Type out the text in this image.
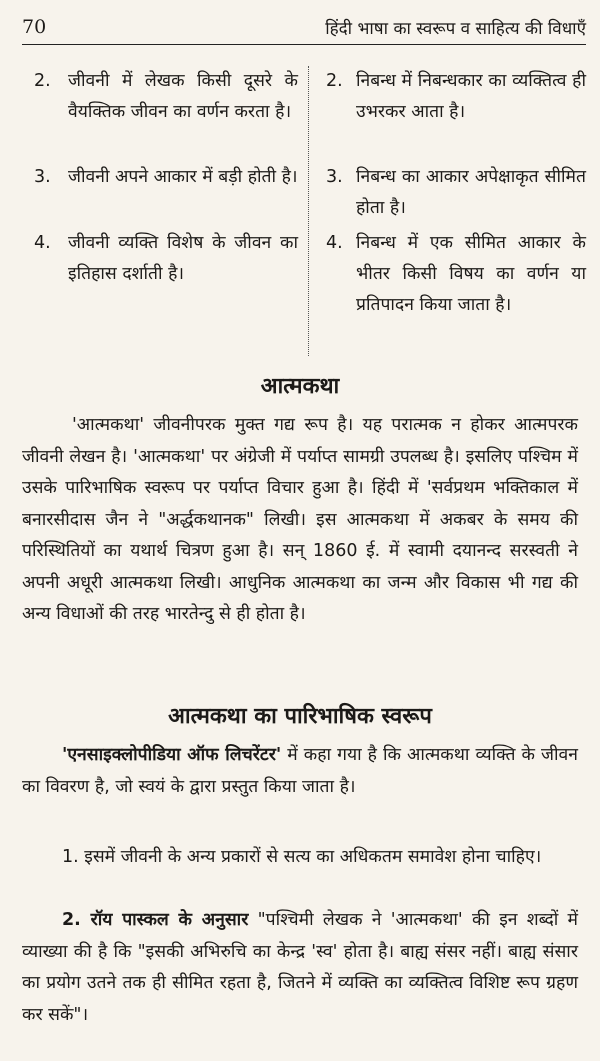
70	हिंदी भाषा का स्वरूप व साहित्य की विधाएँ
2. जीवनी में लेखक किसी दूसरे के वैयक्तिक जीवन का वर्णन करता है।
3. जीवनी अपने आकार में बड़ी होती है।
4. जीवनी व्यक्ति विशेष के जीवन का इतिहास दर्शाती है।
2. निबन्ध में निबन्धकार का व्यक्तित्व ही उभरकर आता है।
3. निबन्ध का आकार अपेक्षाकृत सीमित होता है।
4. निबन्ध में एक सीमित आकार के भीतर किसी विषय का वर्णन या प्रतिपादन किया जाता है।
आत्मकथा
'आत्मकथा' जीवनीपरक मुक्त गद्य रूप है। यह परात्मक न होकर आत्मपरक जीवनी लेखन है। 'आत्मकथा' पर अंग्रेजी में पर्याप्त सामग्री उपलब्ध है। इसलिए पश्चिम में उसके पारिभाषिक स्वरूप पर पर्याप्त विचार हुआ है। हिंदी में 'सर्वप्रथम भक्तिकाल में बनारसीदास जैन ने "अर्द्धकथानक" लिखी। इस आत्मकथा में अकबर के समय की परिस्थितियों का यथार्थ चित्रण हुआ है। सन् 1860 ई. में स्वामी दयानन्द सरस्वती ने अपनी अधूरी आत्मकथा लिखी। आधुनिक आत्मकथा का जन्म और विकास भी गद्य की अन्य विधाओं की तरह भारतेन्दु से ही होता है।
आत्मकथा का पारिभाषिक स्वरूप
'एनसाइक्लोपीडिया ऑफ लिचरेंटर' में कहा गया है कि आत्मकथा व्यक्ति के जीवन का विवरण है, जो स्वयं के द्वारा प्रस्तुत किया जाता है।
1. इसमें जीवनी के अन्य प्रकारों से सत्य का अधिकतम समावेश होना चाहिए।
2. रॉय पास्कल के अनुसार "पश्चिमी लेखक ने 'आत्मकथा' की इन शब्दों में व्याख्या की है कि "इसकी अभिरुचि का केन्द्र 'स्व' होता है। बाह्य संसर नहीं। बाह्य संसार का प्रयोग उतने तक ही सीमित रहता है, जितने में व्यक्ति का व्यक्तित्व विशिष्ट रूप ग्रहण कर सकें"।
